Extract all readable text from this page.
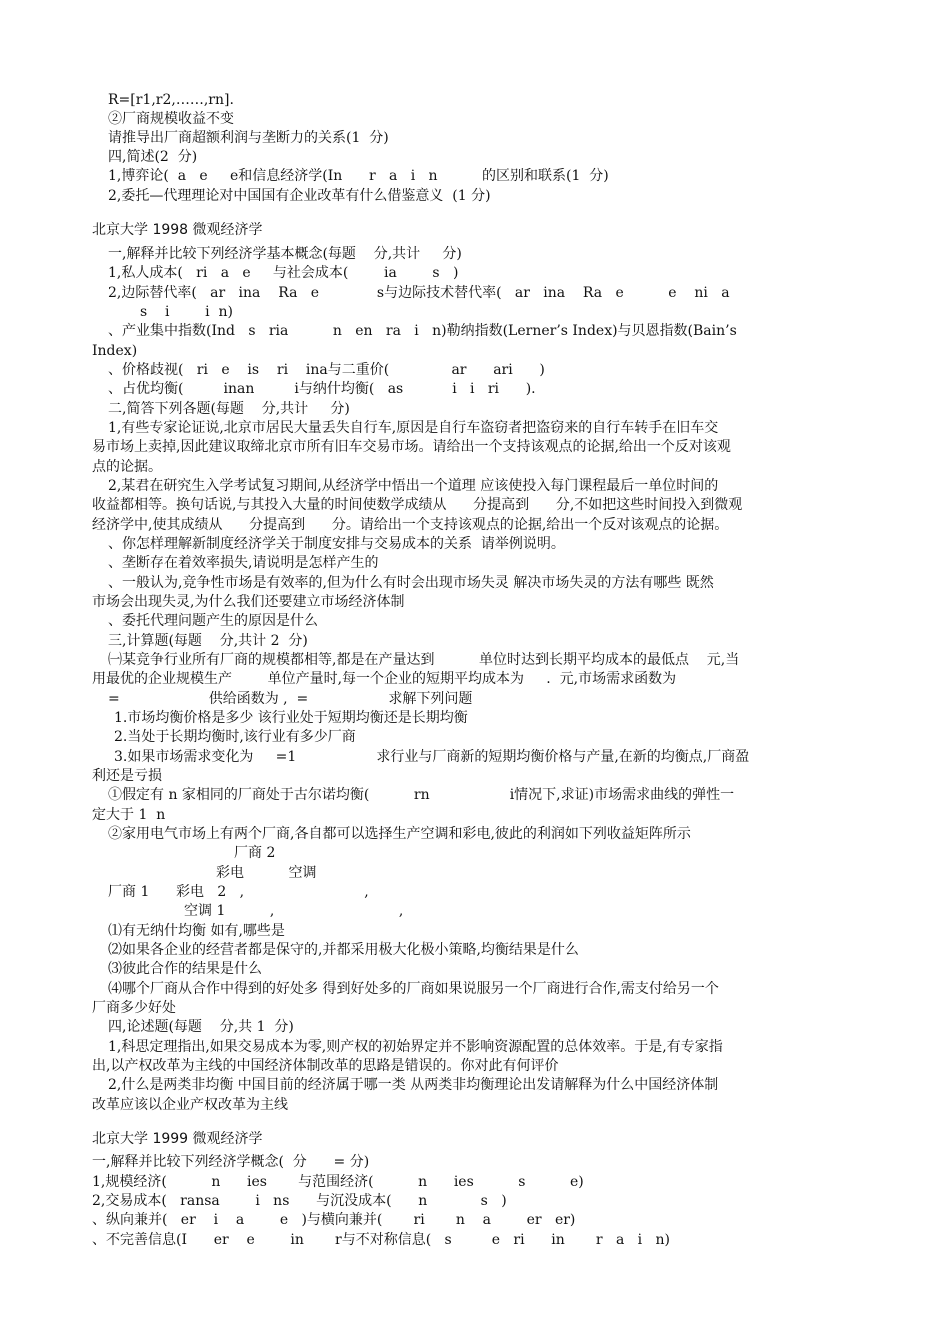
R=[r1,r2,……,rn].
②厂商规模收益不变
请推导出厂商超额利润与垄断力的关系(1  分)
四,简述(2  分)
1,博弈论(  a   e     e和信息经济学(In      r   a   i   n          的区别和联系(1  分)
2,委托—代理理论对中国国有企业改革有什么借鉴意义  (1 分)
北京大学 1998 微观经济学
一,解释并比较下列经济学基本概念(每题    分,共计     分)
1,私人成本(   ri   a   e     与社会成本(        ia        s   )
2,边际替代率(   ar   ina    Ra   e             s与边际技术替代率(   ar   ina    Ra   e          e    ni   a
s    i        i  n)
、产业集中指数(Ind   s   ria          n   en   ra   i   n)勒纳指数(Lerner’s Index)与贝恩指数(Bain’s
Index)
、价格歧视(   ri   e    is    ri    ina与二重价(              ar      ari      )
、占优均衡(         inan         i与纳什均衡(   as           i   i   ri      ).
二,简答下列各题(每题    分,共计     分)
1,有些专家论证说,北京市居民大量丢失自行车,原因是自行车盗窃者把盗窃来的自行车转手在旧车交
易市场上卖掉,因此建议取缔北京市所有旧车交易市场。请给出一个支持该观点的论据,给出一个反对该观
点的论据。
2,某君在研究生入学考试复习期间,从经济学中悟出一个道理 应该使投入每门课程最后一单位时间的
收益都相等。换句话说,与其投入大量的时间使数学成绩从      分提高到      分,不如把这些时间投入到微观
经济学中,使其成绩从      分提高到      分。请给出一个支持该观点的论据,给出一个反对该观点的论据。
、你怎样理解新制度经济学关于制度安排与交易成本的关系  请举例说明。
、垄断存在着效率损失,请说明是怎样产生的
、一般认为,竞争性市场是有效率的,但为什么有时会出现市场失灵 解决市场失灵的方法有哪些 既然
市场会出现失灵,为什么我们还要建立市场经济体制
、委托代理问题产生的原因是什么
三,计算题(每题    分,共计 2  分)
㈠某竞争行业所有厂商的规模都相等,都是在产量达到          单位时达到长期平均成本的最低点    元,当
用最优的企业规模生产        单位产量时,每一个企业的短期平均成本为     .  元,市场需求函数为
=                    供给函数为 ,  =                  求解下列问题
1.市场均衡价格是多少 该行业处于短期均衡还是长期均衡
2.当处于长期均衡时,该行业有多少厂商
3.如果市场需求变化为     =1                  求行业与厂商新的短期均衡价格与产量,在新的均衡点,厂商盈
利还是亏损
①假定有 n 家相同的厂商处于古尔诺均衡(          rn                  i情况下,求证)市场需求曲线的弹性一
定大于 1  n
②家用电气市场上有两个厂商,各自都可以选择生产空调和彩电,彼此的利润如下列收益矩阵所示
厂商 2
彩电          空调
厂商 1      彩电   2   ,                           ,
空调 1          ,                            ,
⑴有无纳什均衡 如有,哪些是
⑵如果各企业的经营者都是保守的,并都采用极大化极小策略,均衡结果是什么
⑶彼此合作的结果是什么
⑷哪个厂商从合作中得到的好处多 得到好处多的厂商如果说服另一个厂商进行合作,需支付给另一个
厂商多少好处
四,论述题(每题    分,共 1  分)
1,科思定理指出,如果交易成本为零,则产权的初始界定并不影响资源配置的总体效率。于是,有专家指
出,以产权改革为主线的中国经济体制改革的思路是错误的。你对此有何评价
2,什么是两类非均衡 中国目前的经济属于哪一类 从两类非均衡理论出发请解释为什么中国经济体制
改革应该以企业产权改革为主线
北京大学 1999 微观经济学
一,解释并比较下列经济学概念(  分      = 分)
1,规模经济(          n      ies       与范围经济(          n      ies          s          e)
2,交易成本(   ransa        i   ns      与沉没成本(      n            s   )
、纵向兼并(   er    i    a        e   )与横向兼并(       ri       n    a        er   er)
、不完善信息(I      er    e        in       r与不对称信息(   s         e   ri      in       r   a   i   n)
